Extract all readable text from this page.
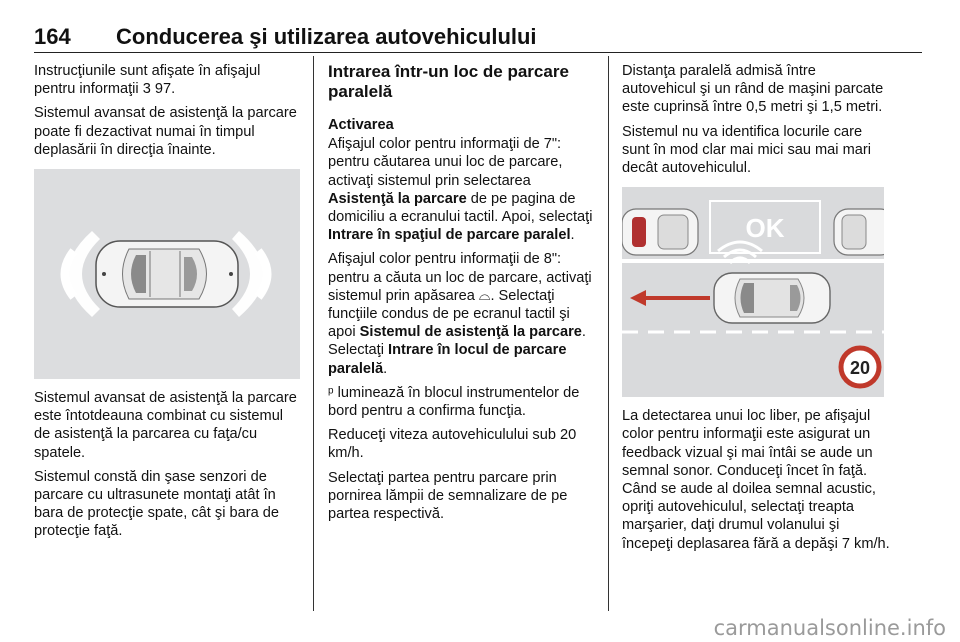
164 Conducerea şi utilizarea autovehiculului

Instrucţiunile sunt afişate în afişajul pentru informaţii 3 97.

Sistemul avansat de asistenţă la parcare poate fi dezactivat numai în timpul deplasării în direcţia înainte.

Sistemul avansat de asistenţă la parcare este întotdeauna combinat cu sistemul de asistenţă la parcarea cu faţa/cu spatele.

Sistemul constă din şase senzori de parcare cu ultrasunete montaţi atât în bara de protecţie spate, cât şi bara de protecţie faţă.

Intrarea într-un loc de parcare paralelă
Activarea

Afişajul color pentru informaţii de 7": pentru căutarea unui loc de parcare, activaţi sistemul prin selectarea Asistenţă la parcare de pe pagina de domiciliu a ecranului tactil. Apoi, selectaţi Intrare în spaţiul de parcare paralel.

Afişajul color pentru informaţii de 8": pentru a căuta un loc de parcare, activaţi sistemul prin apăsarea ⌓. Selectaţi funcţiile condus de pe ecranul tactil şi apoi Sistemul de asistenţă la parcare. Selectaţi Intrare în locul de parcare paralelă.

ᵖ luminează în blocul instrumentelor de bord pentru a confirma funcţia.

Reduceţi viteza autovehiculului sub 20 km/h.

Selectaţi partea pentru parcare prin pornirea lămpii de semnalizare de pe partea respectivă.

Distanţa paralelă admisă între autovehicul şi un rând de maşini parcate este cuprinsă între 0,5 metri şi 1,5 metri.

Sistemul nu va identifica locurile care sunt în mod clar mai mici sau mai mari decât autovehiculul.

OK
20

La detectarea unui loc liber, pe afişajul color pentru informaţii este asigurat un feedback vizual şi mai întâi se aude un semnal sonor. Conduceţi încet în faţă. Când se aude al doilea semnal acustic, opriţi autovehiculul, selectaţi treapta marşarier, daţi drumul volanului şi începeţi deplasarea fără a depăşi 7 km/h.

carmanualsonline.info
